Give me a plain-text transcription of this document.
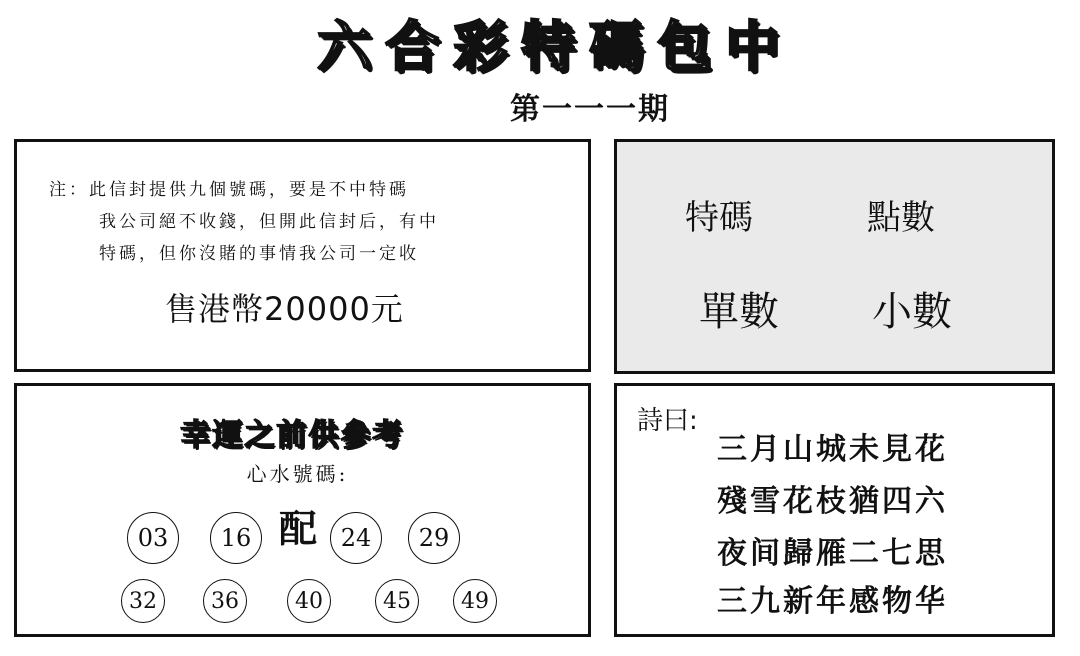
六合彩特碼包中
第一一一期
注：此信封提供九個號碼，要是不中特碼
我公司絕不收錢，但開此信封后，有中
特碼，但你沒賭的事情我公司一定收
售港幣20000元
特碼	點數
單數 小數
幸運之前供參考
心水號碼:
配
03	16	24	29
32	36	40	45	49
詩曰:
三月山城未見花
殘雪花枝猶四六
夜间歸雁二七思
三九新年感物华
